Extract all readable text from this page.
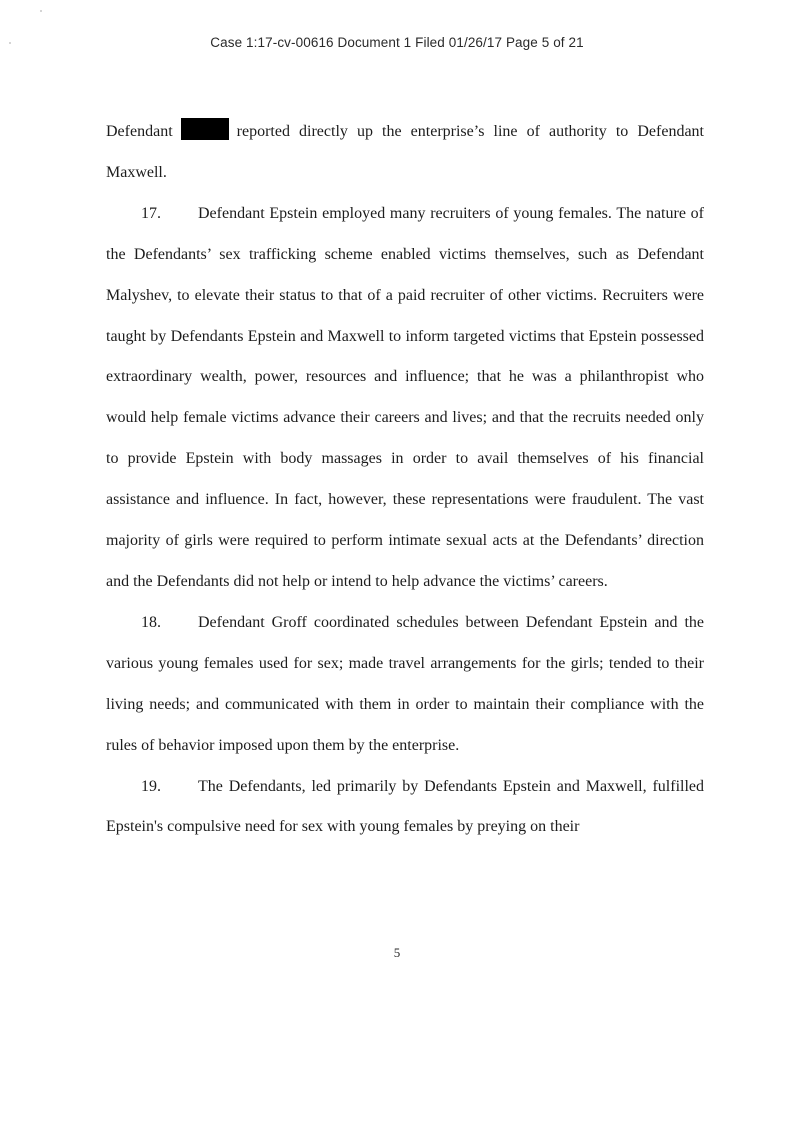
Case 1:17-cv-00616 Document 1 Filed 01/26/17 Page 5 of 21

Defendant	reported directly up the enterprise’s line of authority to Defendant Maxwell.

17. Defendant Epstein employed many recruiters of young females. The nature of the Defendants’ sex trafficking scheme enabled victims themselves, such as Defendant Malyshev, to elevate their status to that of a paid recruiter of other victims. Recruiters were taught by Defendants Epstein and Maxwell to inform targeted victims that Epstein possessed extraordinary wealth, power, resources and influence; that he was a philanthropist who would help female victims advance their careers and lives; and that the recruits needed only to provide Epstein with body massages in order to avail themselves of his financial assistance and influence. In fact, however, these representations were fraudulent. The vast majority of girls were required to perform intimate sexual acts at the Defendants’ direction and the Defendants did not help or intend to help advance the victims’ careers.

18. Defendant Groff coordinated schedules between Defendant Epstein and the various young females used for sex; made travel arrangements for the girls; tended to their living needs; and communicated with them in order to maintain their compliance with the rules of behavior imposed upon them by the enterprise.

19. The Defendants, led primarily by Defendants Epstein and Maxwell, fulfilled Epstein's compulsive need for sex with young females by preying on their

5
